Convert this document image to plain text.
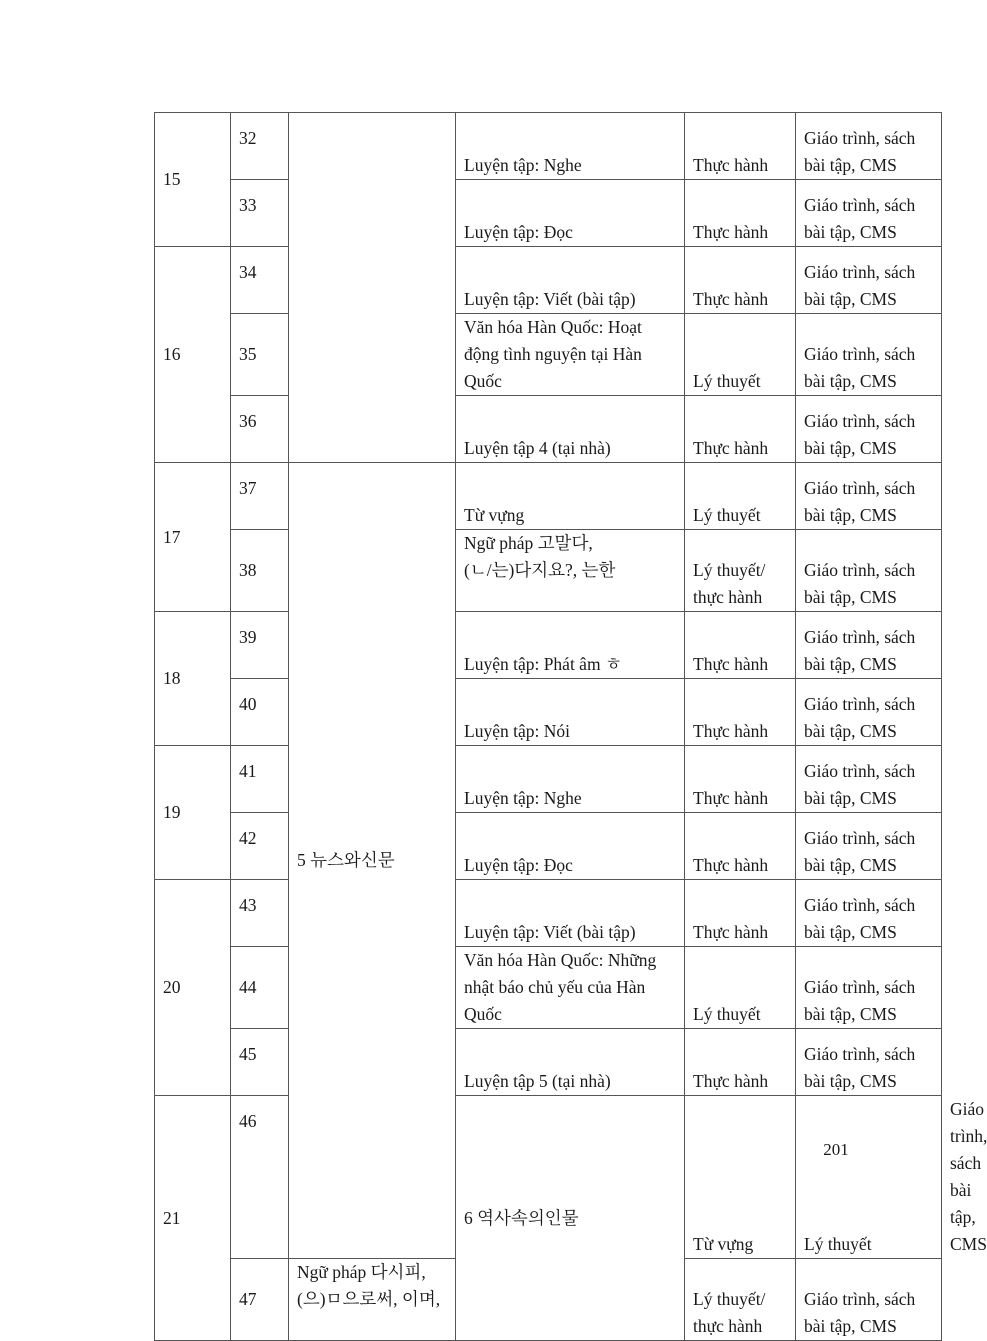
15	32		Luyện tập: Nghe	Thực hành	Giáo trình, sách
bài tập, CMS	
	33		Luyện tập: Đọc	Thực hành	Giáo trình, sách
bài tập, CMS	
16	34		Luyện tập: Viết (bài tập)	Thực hành	Giáo trình, sách
bài tập, CMS	
	35		Văn hóa Hàn Quốc: Hoạt
động tình nguyện tại Hàn
Quốc	Lý thuyết	Giáo trình, sách
bài tập, CMS	
	36		Luyện tập 4 (tại nhà)	Thực hành	Giáo trình, sách
bài tập, CMS	
17	37	5 뉴스와신문	Từ vựng	Lý thuyết	Giáo trình, sách
bài tập, CMS	
	38		Ngữ pháp 고말다,
(ㄴ/는)다지요?, 는한	Lý thuyết/
thực hành	Giáo trình, sách
bài tập, CMS	
18	39		Luyện tập: Phát âm ㅎ	Thực hành	Giáo trình, sách
bài tập, CMS	
	40		Luyện tập: Nói	Thực hành	Giáo trình, sách
bài tập, CMS	
19	41		Luyện tập: Nghe	Thực hành	Giáo trình, sách
bài tập, CMS	
	42		Luyện tập: Đọc	Thực hành	Giáo trình, sách
bài tập, CMS	
20	43		Luyện tập: Viết (bài tập)	Thực hành	Giáo trình, sách
bài tập, CMS	
	44		Văn hóa Hàn Quốc: Những
nhật báo chủ yếu của Hàn
Quốc	Lý thuyết	Giáo trình, sách
bài tập, CMS	
	45		Luyện tập 5 (tại nhà)	Thực hành	Giáo trình, sách
bài tập, CMS	
21	46		6 역사속의인물	Từ vựng	Lý thuyết	Giáo trình, sách
bài tập, CMS
	47	Ngữ pháp 다시피,
(으)ㅁ으로써, 이며,		Lý thuyết/
thực hành	Giáo trình, sách
bài tập, CMS	
201
